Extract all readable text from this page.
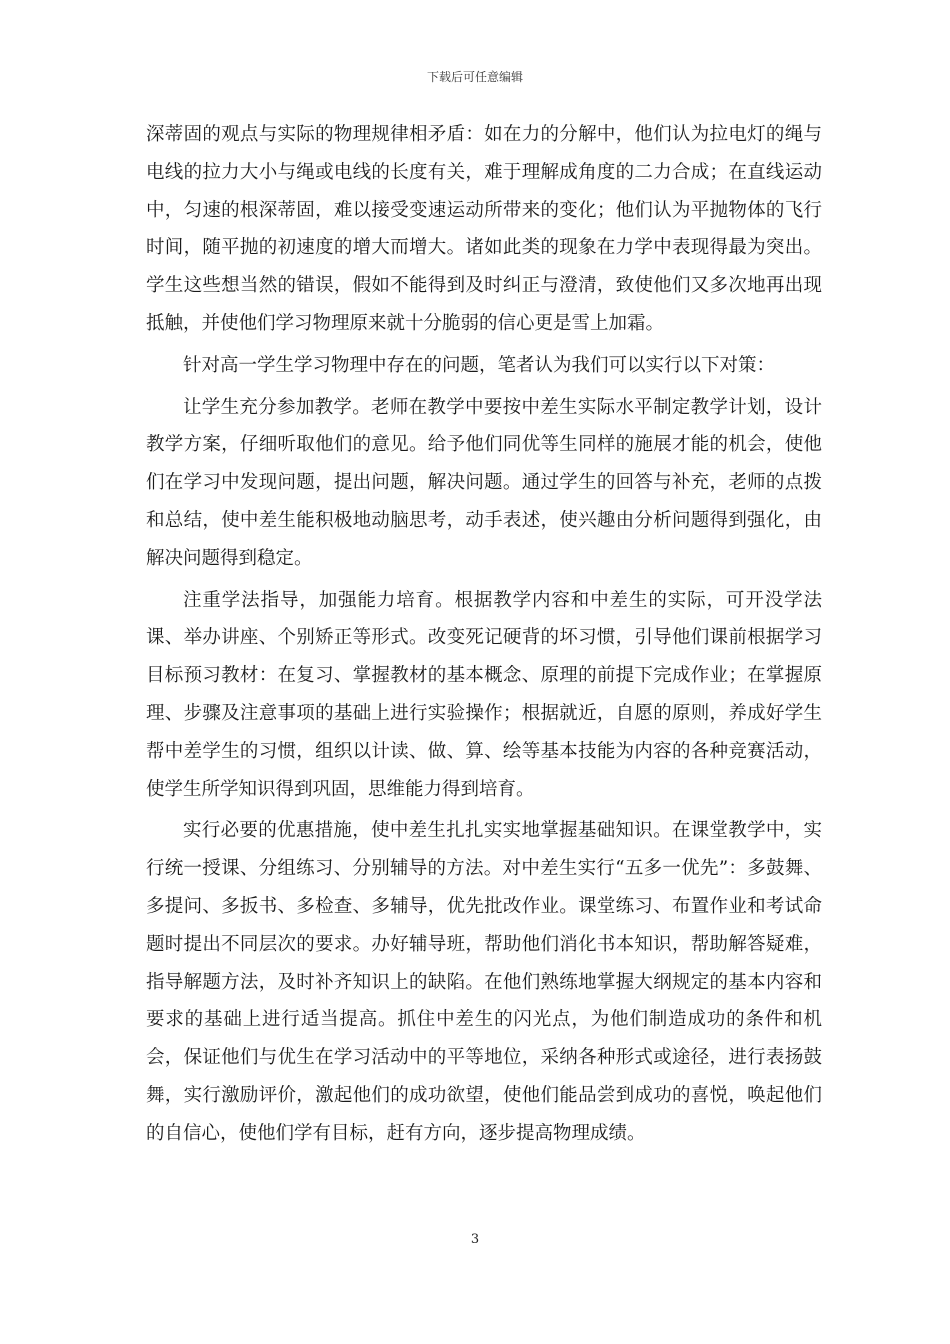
下载后可任意编辑

深蒂固的观点与实际的物理规律相矛盾：如在力的分解中，他们认为拉电灯的绳与电线的拉力大小与绳或电线的长度有关，难于理解成角度的二力合成；在直线运动中，匀速的根深蒂固，难以接受变速运动所带来的变化；他们认为平抛物体的飞行时间，随平抛的初速度的增大而增大。诸如此类的现象在力学中表现得最为突出。学生这些想当然的错误，假如不能得到及时纠正与澄清，致使他们又多次地再出现抵触，并使他们学习物理原来就十分脆弱的信心更是雪上加霜。

针对高一学生学习物理中存在的问题，笔者认为我们可以实行以下对策：

让学生充分参加教学。老师在教学中要按中差生实际水平制定教学计划，设计教学方案，仔细听取他们的意见。给予他们同优等生同样的施展才能的机会，使他们在学习中发现问题，提出问题，解决问题。通过学生的回答与补充，老师的点拨和总结，使中差生能积极地动脑思考，动手表述，使兴趣由分析问题得到强化，由解决问题得到稳定。

注重学法指导，加强能力培育。根据教学内容和中差生的实际，可开没学法课、举办讲座、个别矫正等形式。改变死记硬背的坏习惯，引导他们课前根据学习目标预习教材：在复习、掌握教材的基本概念、原理的前提下完成作业；在掌握原理、步骤及注意事项的基础上进行实验操作；根据就近，自愿的原则，养成好学生帮中差学生的习惯，组织以计读、做、算、绘等基本技能为内容的各种竞赛活动，使学生所学知识得到巩固，思维能力得到培育。

实行必要的优惠措施，使中差生扎扎实实地掌握基础知识。在课堂教学中，实行统一授课、分组练习、分别辅导的方法。对中差生实行“五多一优先”：多鼓舞、多提问、多扳书、多检查、多辅导，优先批改作业。课堂练习、布置作业和考试命题时提出不同层次的要求。办好辅导班，帮助他们消化书本知识，帮助解答疑难，指导解题方法，及时补齐知识上的缺陷。在他们熟练地掌握大纲规定的基本内容和要求的基础上进行适当提高。抓住中差生的闪光点，为他们制造成功的条件和机会，保证他们与优生在学习活动中的平等地位，采纳各种形式或途径，进行表扬鼓舞，实行激励评价，激起他们的成功欲望，使他们能品尝到成功的喜悦，唤起他们的自信心，使他们学有目标，赶有方向，逐步提高物理成绩。

3
